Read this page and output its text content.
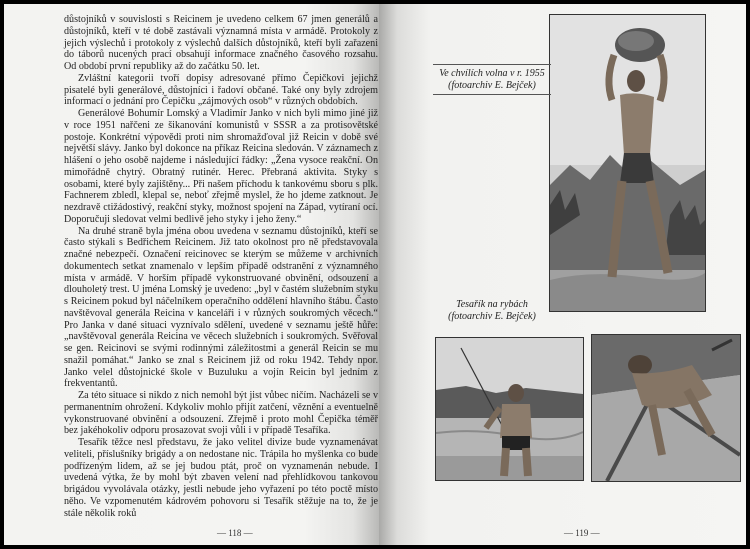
důstojníků v souvislosti s Reicinem je uvedeno celkem 67 jmen generálů a důstojníků, kteří v té době zastávali významná místa v armádě. Protokoly z jejich výslechů i protokoly z výslechů dalších důstojníků, kteří byli zařazeni do táborů nucených prací obsahují informace značného časového rozsahu. Od období první republiky až do začátku 50. let.

Zvláštní kategorii tvoří dopisy adresované přímo Čepičkovi jejichž pisatelé byli generálové, důstojníci i řadoví občané. Také ony byly zdrojem informací o jednání pro Čepičku „zájmových osob“ v různých obdobích.

Generálové Bohumír Lomský a Vladimír Janko v nich byli mimo jiné již v roce 1951 nařčeni ze šikanování komunistů v SSSR a za protisovětské postoje. Konkrétní výpovědi proti nim shromažďoval již Reicin v době své největší slávy. Janko byl dokonce na příkaz Reicina sledován. V záznamech z hlášení o jeho osobě najdeme i následující řádky: „Žena vysoce reakční. On mimořádně chytrý. Obratný rutinér. Herec. Přebraná aktivita. Styky s osobami, které byly zajištěny... Při našem příchodu k tankovému sboru s plk. Fachnerem zbledl, klepal se, neboť zřejmě myslel, že ho jdeme zatknout. Je nezdravě ctižádostivý, reakční styky, možnost spojení na Západ, vytíraní ocí. Doporučuji sledovat velmi bedlivě jeho styky i jeho ženy.“

Na druhé straně byla jména obou uvedena v seznamu důstojníků, kteří se často stýkali s Bedřichem Reicinem. Již tato okolnost pro ně představovala značné nebezpečí. Označení reicinovec se kterým se můžeme v archivních dokumentech setkat znamenalo v lepším případě odstranění z významného místa v armádě. V horším případě vykonstruované obvinění, odsouzení a dlouholetý trest. U jména Lomský je uvedeno: „byl v častém služebním styku s Reicinem pokud byl náčelníkem operačního oddělení hlavního štábu. Často navštěvoval generála Reicina v kanceláři i v různých soukromých věcech.“ Pro Janka v dané situaci vyznívalo sdělení, uvedené v seznamu ještě hůře: „navštěvoval generála Reicina ve věcech služebních i soukromých. Svěřoval se gen. Reicinovi se svými rodinnými záležitostmi a generál Reicin se mu snažil pomáhat.“ Janko se znal s Reicinem již od roku 1942. Tehdy npor. Janko velel důstojnické škole v Buzuluku a vojín Reicin byl jedním z frekventantů.

Za této situace si nikdo z nich nemohl být jist vůbec ničím. Nacházeli se v permanentním ohrožení. Kdykoliv mohlo přijít zatčení, věznění a eventuelně vykonstruované obvinění a odsouzení. Zřejmě i proto mohl Čepička téměř bez jakéhokoliv odporu prosazovat svoji vůli i v případě Tesaříka.

Tesařík těžce nesl představu, že jako velitel divize bude vyznamenávat veliteli, příslušníky brigády a on nedostane nic. Trápila ho myšlenka co bude podřízeným lidem, až se jej budou ptát, proč on vyznamenán nebude. I uvedená výtka, že by mohl být zbaven velení nad přehlídkovou tankovou brigádou vyvolávala otázky, jestli nebude jeho vyřazení po této poctě místo něho. Ve vzpomenutém kádrovém pohovoru si Tesařík stěžuje na to, že je stále několik roků

— 118 —
Ve chvílích volna v r. 1955 (fotoarchiv E. Bejček)
Tesařík na rybách (fotoarchiv E. Bejček)
— 119 —
